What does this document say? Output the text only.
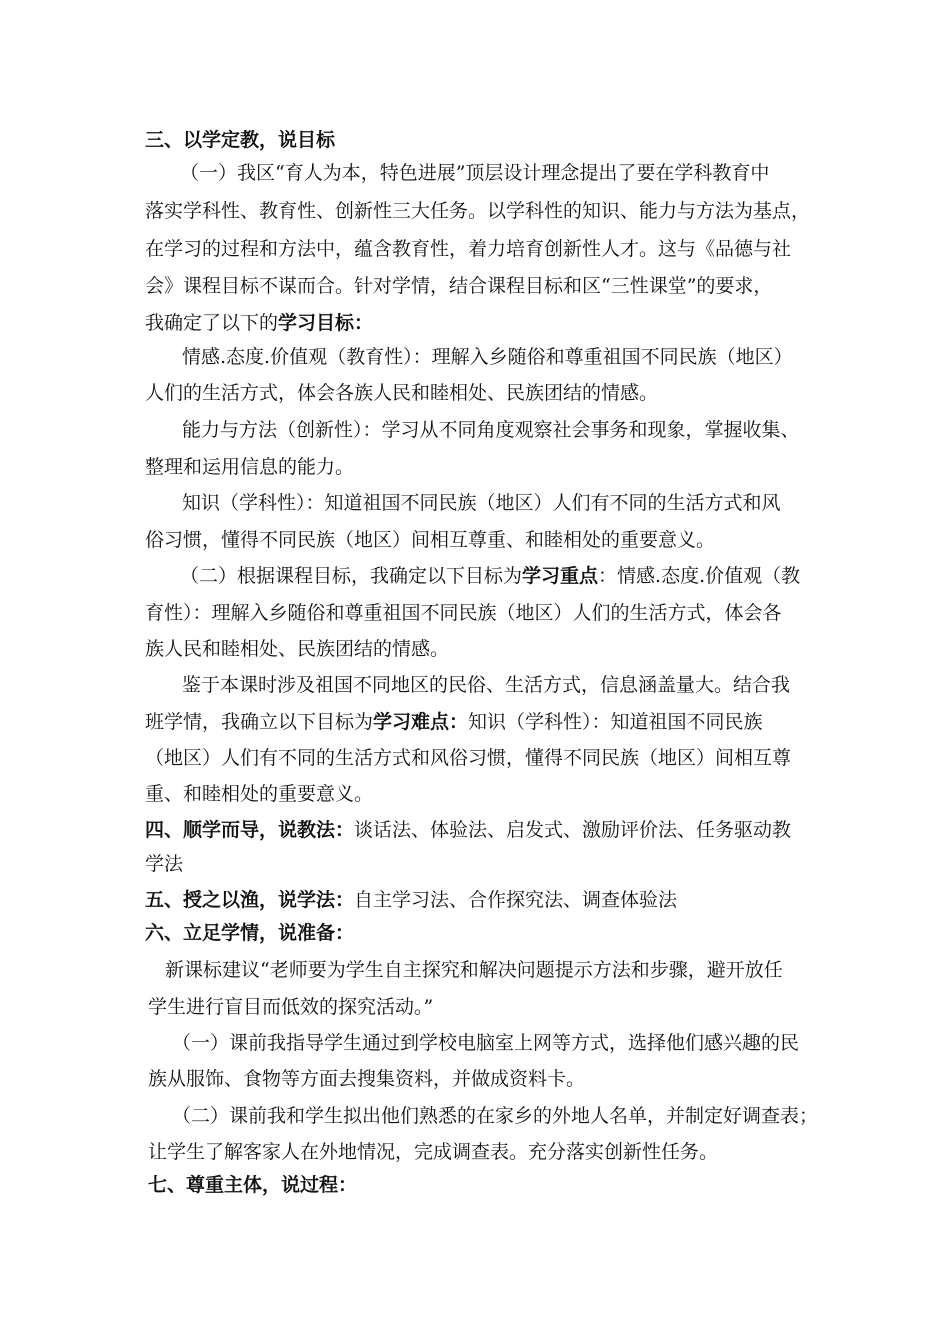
三、以学定教，说目标
（一）我区“育人为本，特色进展”顶层设计理念提出了要在学科教育中
落实学科性、教育性、创新性三大任务。以学科性的知识、能力与方法为基点，
在学习的过程和方法中，蕴含教育性，着力培育创新性人才。这与《品德与社
会》课程目标不谋而合。针对学情，结合课程目标和区“三性课堂”的要求，
我确定了以下的学习目标：
情感.态度.价值观（教育性）：理解入乡随俗和尊重祖国不同民族（地区）
人们的生活方式，体会各族人民和睦相处、民族团结的情感。
能力与方法（创新性）：学习从不同角度观察社会事务和现象，掌握收集、
整理和运用信息的能力。
知识（学科性）：知道祖国不同民族（地区）人们有不同的生活方式和风
俗习惯，懂得不同民族（地区）间相互尊重、和睦相处的重要意义。
（二）根据课程目标，我确定以下目标为学习重点：情感.态度.价值观（教
育性）：理解入乡随俗和尊重祖国不同民族（地区）人们的生活方式，体会各
族人民和睦相处、民族团结的情感。
鉴于本课时涉及祖国不同地区的民俗、生活方式，信息涵盖量大。结合我
班学情，我确立以下目标为学习难点：知识（学科性）：知道祖国不同民族
（地区）人们有不同的生活方式和风俗习惯，懂得不同民族（地区）间相互尊
重、和睦相处的重要意义。
四、顺学而导，说教法：谈话法、体验法、启发式、激励评价法、任务驱动教
学法
五、授之以渔，说学法：自主学习法、合作探究法、调查体验法
六、立足学情，说准备：
新课标建议“老师要为学生自主探究和解决问题提示方法和步骤，避开放任
学生进行盲目而低效的探究活动。”
（一）课前我指导学生通过到学校电脑室上网等方式，选择他们感兴趣的民
族从服饰、食物等方面去搜集资料，并做成资料卡。
（二）课前我和学生拟出他们熟悉的在家乡的外地人名单，并制定好调查表；
让学生了解客家人在外地情况，完成调查表。充分落实创新性任务。
七、尊重主体，说过程：
